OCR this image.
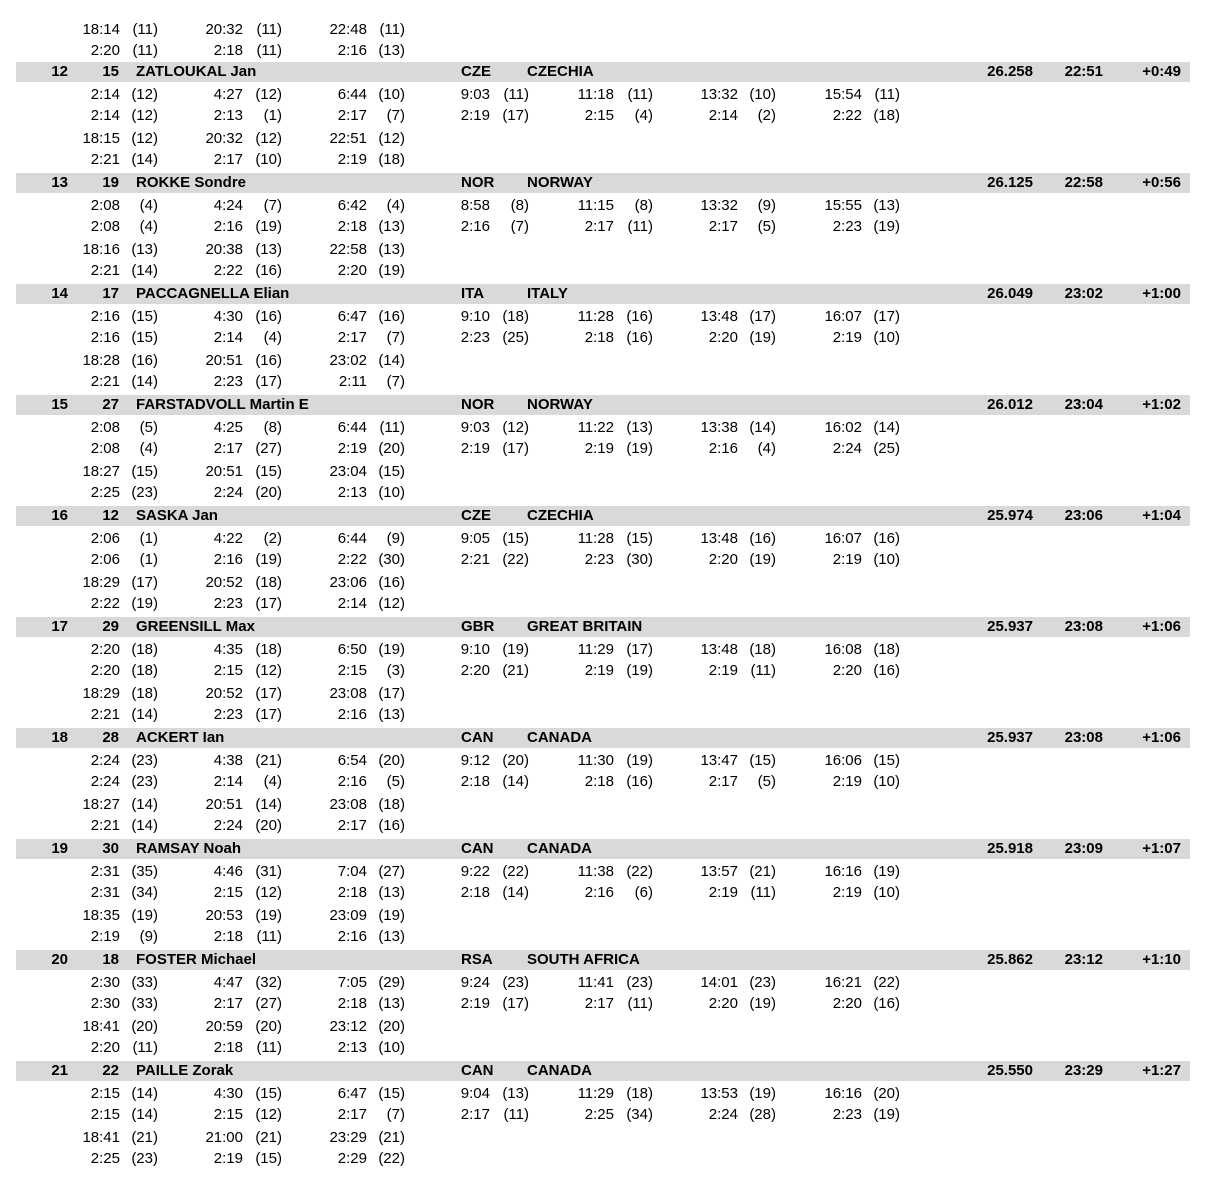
18:14 (11)	20:32 (11)	22:48 (11)
2:20 (11)	2:18 (11)	2:16 (13)
12 15 ZATLOUKAL Jan	CZE CZECHIA	26.258 22:51	+0:49
2:14 (12)	4:27 (12)	6:44 (10)	9:03 (11)	11:18 (11)	13:32 (10)	15:54 (11)
2:14 (12)	2:13 (1)	2:17 (7)	2:19 (17)	2:15 (4)	2:14 (2)	2:22 (18)
18:15 (12)	20:32 (12)	22:51 (12)
2:21 (14)	2:17 (10)	2:19 (18)
13 19 ROKKE Sondre	NOR NORWAY	26.125 22:58	+0:56
2:08 (4)	4:24 (7)	6:42 (4)	8:58 (8)	11:15 (8)	13:32 (9)	15:55 (13)
2:08 (4)	2:16 (19)	2:18 (13)	2:16 (7)	2:17 (11)	2:17 (5)	2:23 (19)
18:16 (13)	20:38 (13)	22:58 (13)
2:21 (14)	2:22 (16)	2:20 (19)
14 17 PACCAGNELLA Elian	ITA	ITALY	26.049 23:02	+1:00
2:16 (15)	4:30 (16)	6:47 (16)	9:10 (18)	11:28 (16)	13:48 (17)	16:07 (17)
2:16 (15)	2:14 (4)	2:17 (7)	2:23 (25)	2:18 (16)	2:20 (19)	2:19 (10)
18:28 (16)	20:51 (16)	23:02 (14)
2:21 (14)	2:23 (17)	2:11 (7)
15 27 FARSTADVOLL Martin E	NOR NORWAY	26.012 23:04	+1:02
2:08 (5)	4:25 (8)	6:44 (11)	9:03 (12)	11:22 (13)	13:38 (14)	16:02 (14)
2:08 (4)	2:17 (27)	2:19 (20)	2:19 (17)	2:19 (19)	2:16 (4)	2:24 (25)
18:27 (15)	20:51 (15)	23:04 (15)
2:25 (23)	2:24 (20)	2:13 (10)
16 12 SASKA Jan	CZE CZECHIA	25.974 23:06	+1:04
2:06 (1)	4:22 (2)	6:44 (9)	9:05 (15)	11:28 (15)	13:48 (16)	16:07 (16)
2:06 (1)	2:16 (19)	2:22 (30)	2:21 (22)	2:23 (30)	2:20 (19)	2:19 (10)
18:29 (17)	20:52 (18)	23:06 (16)
2:22 (19)	2:23 (17)	2:14 (12)
17 29 GREENSILL Max	GBR GREAT BRITAIN	25.937 23:08	+1:06
2:20 (18)	4:35 (18)	6:50 (19)	9:10 (19)	11:29 (17)	13:48 (18)	16:08 (18)
2:20 (18)	2:15 (12)	2:15 (3)	2:20 (21)	2:19 (19)	2:19 (11)	2:20 (16)
18:29 (18)	20:52 (17)	23:08 (17)
2:21 (14)	2:23 (17)	2:16 (13)
18 28 ACKERT Ian	CAN CANADA	25.937 23:08	+1:06
2:24 (23)	4:38 (21)	6:54 (20)	9:12 (20)	11:30 (19)	13:47 (15)	16:06 (15)
2:24 (23)	2:14 (4)	2:16 (5)	2:18 (14)	2:18 (16)	2:17 (5)	2:19 (10)
18:27 (14)	20:51 (14)	23:08 (18)
2:21 (14)	2:24 (20)	2:17 (16)
19 30 RAMSAY Noah	CAN CANADA	25.918 23:09	+1:07
2:31 (35)	4:46 (31)	7:04 (27)	9:22 (22)	11:38 (22)	13:57 (21)	16:16 (19)
2:31 (34)	2:15 (12)	2:18 (13)	2:18 (14)	2:16 (6)	2:19 (11)	2:19 (10)
18:35 (19)	20:53 (19)	23:09 (19)
2:19 (9)	2:18 (11)	2:16 (13)
20 18 FOSTER Michael	RSA SOUTH AFRICA	25.862 23:12	+1:10
2:30 (33)	4:47 (32)	7:05 (29)	9:24 (23)	11:41 (23)	14:01 (23)	16:21 (22)
2:30 (33)	2:17 (27)	2:18 (13)	2:19 (17)	2:17 (11)	2:20 (19)	2:20 (16)
18:41 (20)	20:59 (20)	23:12 (20)
2:20 (11)	2:18 (11)	2:13 (10)
21 22 PAILLE Zorak	CAN CANADA	25.550 23:29	+1:27
2:15 (14)	4:30 (15)	6:47 (15)	9:04 (13)	11:29 (18)	13:53 (19)	16:16 (20)
2:15 (14)	2:15 (12)	2:17 (7)	2:17 (11)	2:25 (34)	2:24 (28)	2:23 (19)
18:41 (21)	21:00 (21)	23:29 (21)
2:25 (23)	2:19 (15)	2:29 (22)
